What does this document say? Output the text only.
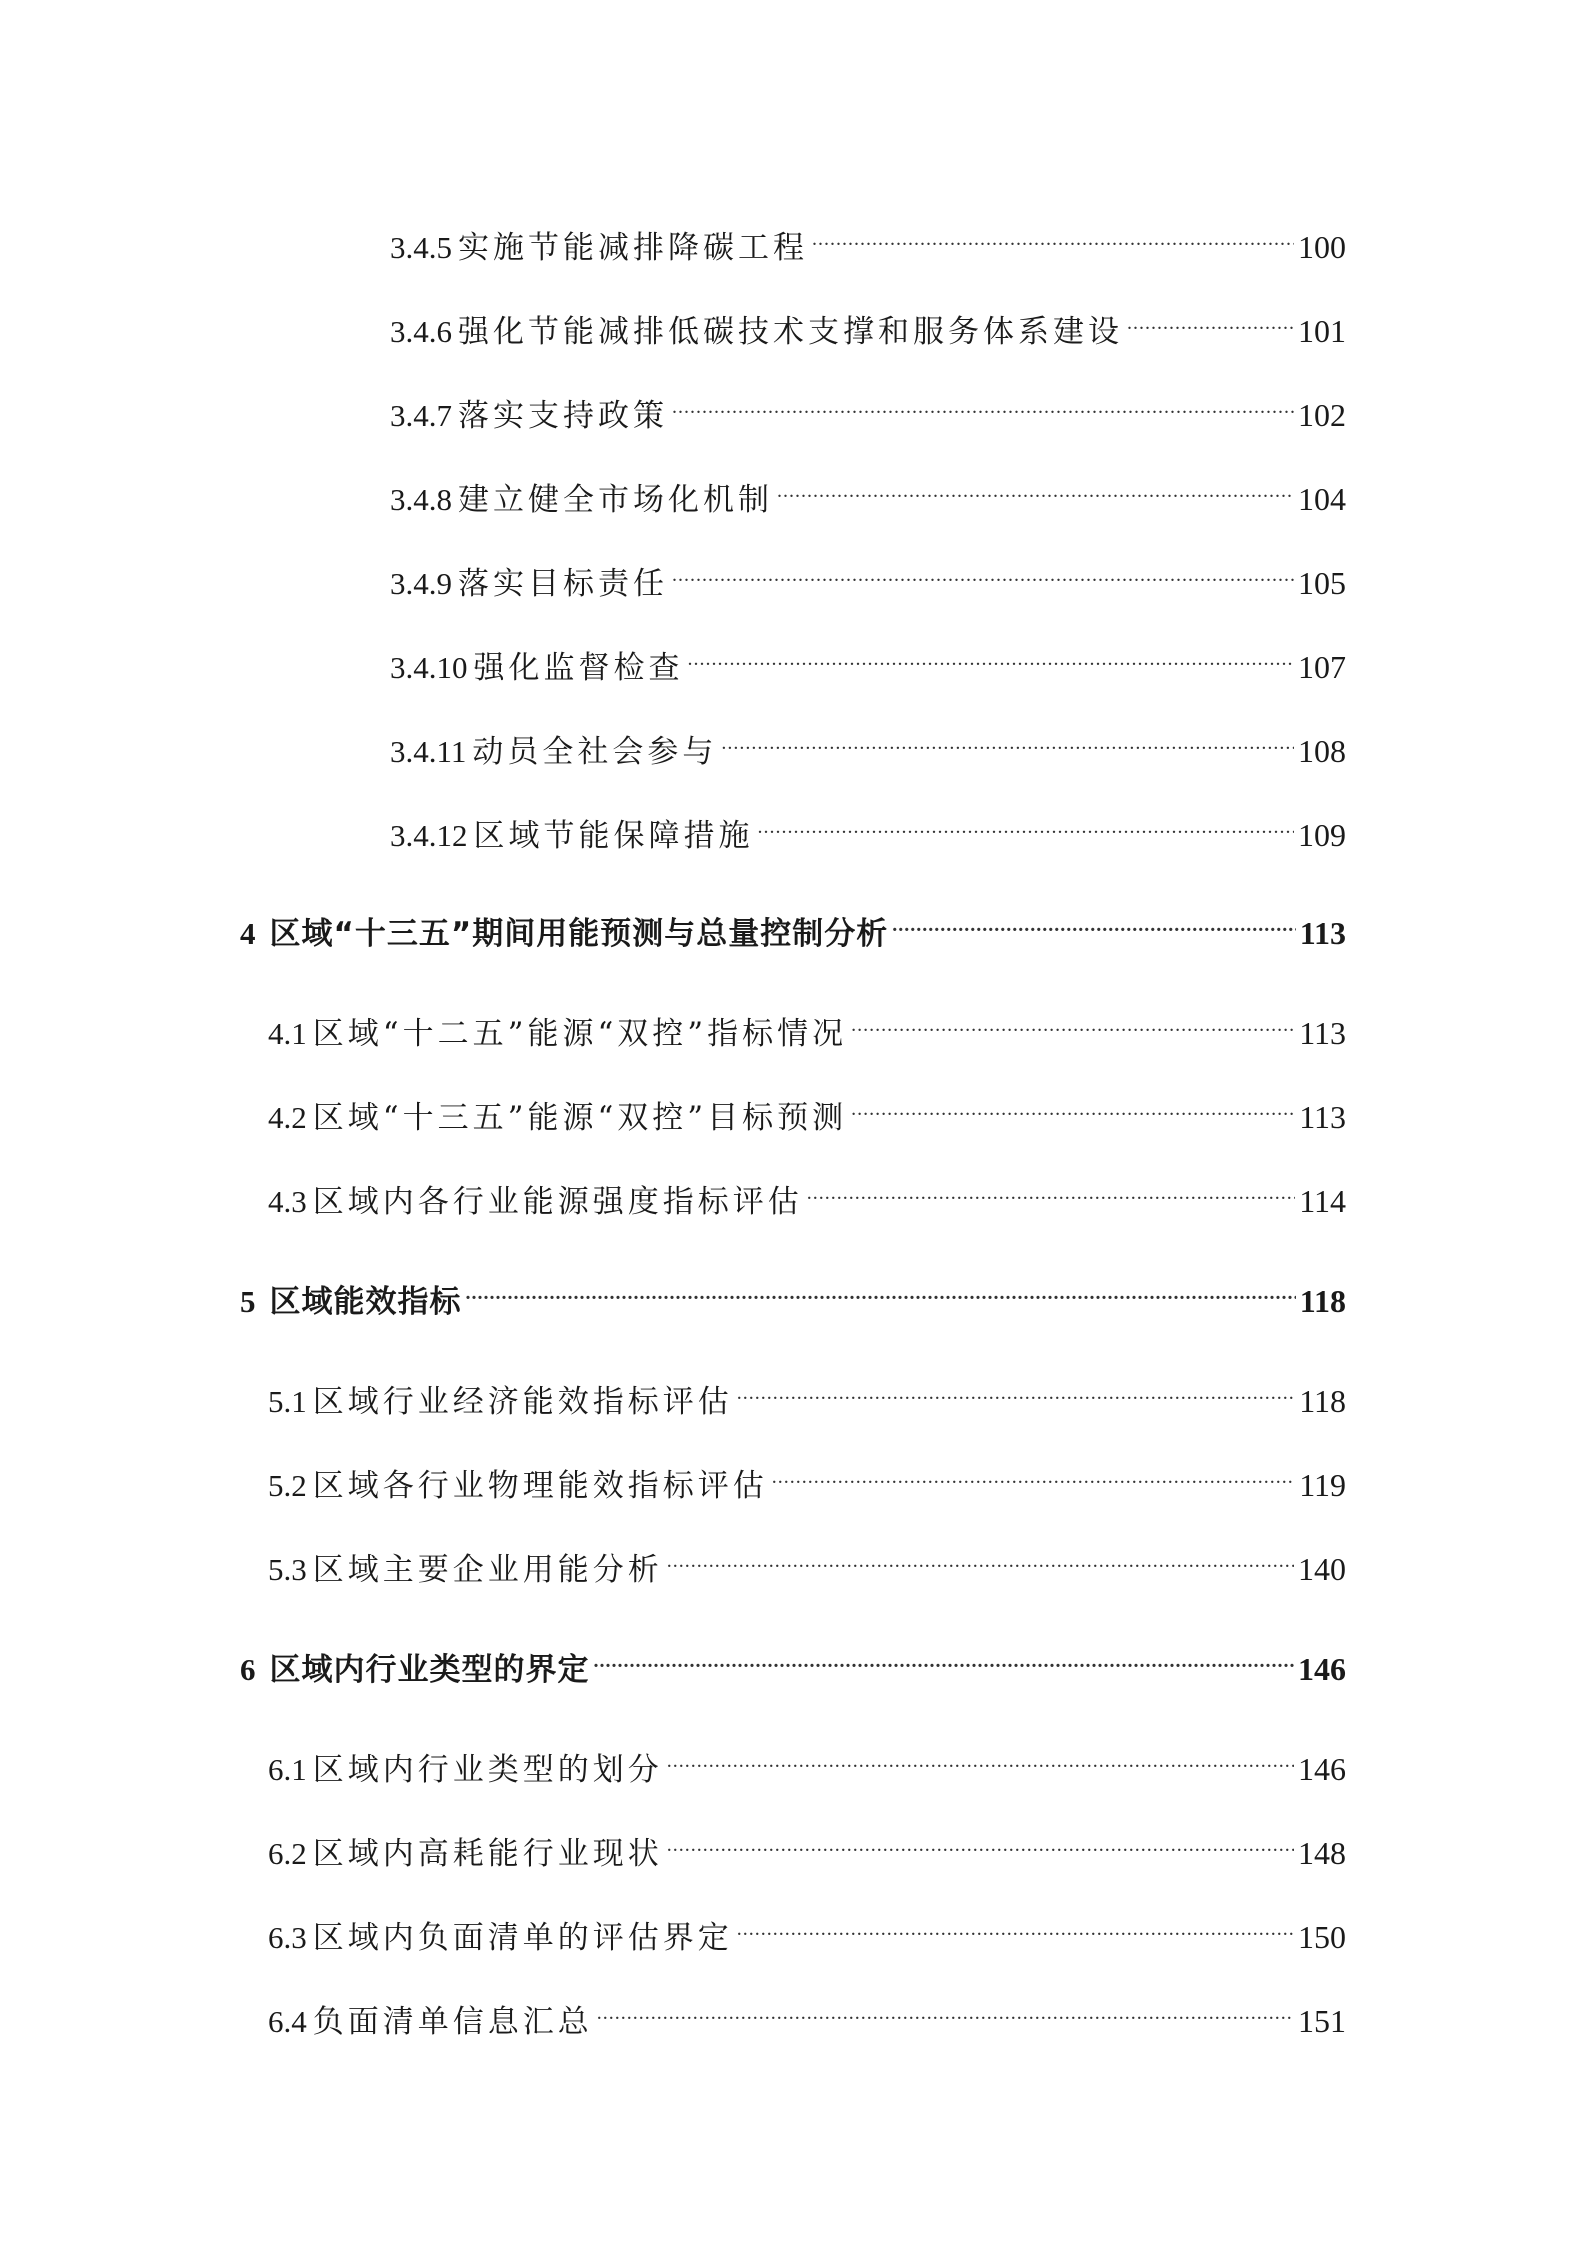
3.4.5 实施节能减排降碳工程 .....	100
3.4.6 强化节能减排低碳技术支撑和服务体系建设 .....	101
3.4.7 落实支持政策 .....	102
3.4.8 建立健全市场化机制 .....	104
3.4.9 落实目标责任 .....	105
3.4.10 强化监督检查 .....	107
3.4.11 动员全社会参与 .....	108
3.4.12 区域节能保障措施 .....	109
4 区域“十三五”期间用能预测与总量控制分析 .....	113
4.1 区域“十二五”能源“双控”指标情况 .....	113
4.2 区域“十三五”能源“双控”目标预测 .....	113
4.3 区域内各行业能源强度指标评估 .....	114
5 区域能效指标 .....	118
5.1 区域行业经济能效指标评估 .....	118
5.2 区域各行业物理能效指标评估 .....	119
5.3 区域主要企业用能分析 .....	140
6 区域内行业类型的界定 .....	146
6.1 区域内行业类型的划分 .....	146
6.2 区域内高耗能行业现状 .....	148
6.3 区域内负面清单的评估界定 .....	150
6.4 负面清单信息汇总 .....	151
